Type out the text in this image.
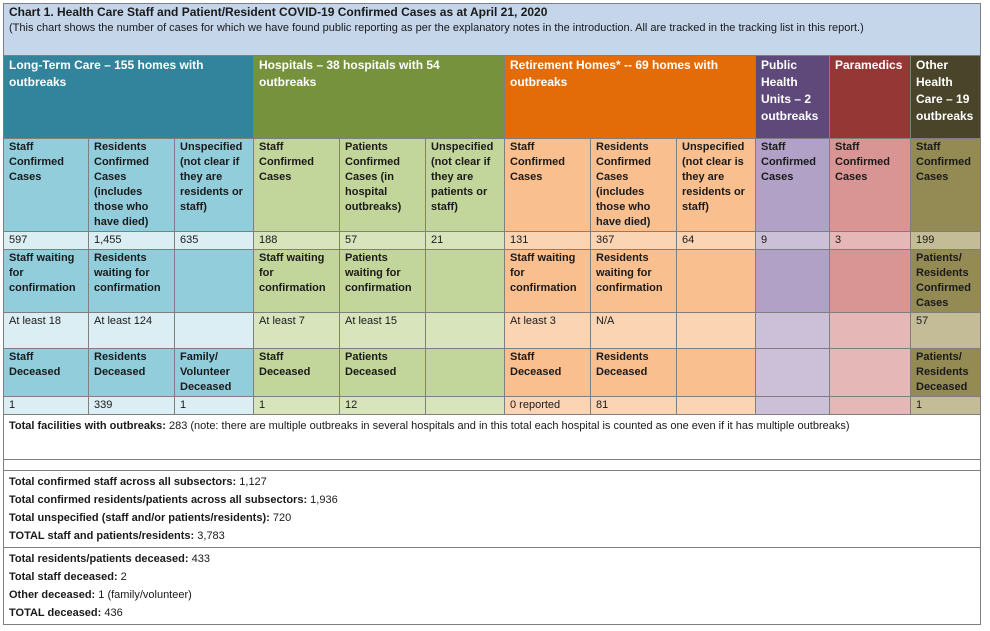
Chart 1. Health Care Staff and Patient/Resident COVID-19 Confirmed Cases as at April 21, 2020
(This chart shows the number of cases for which we have found public reporting as per the explanatory notes in the introduction. All are tracked in the tracking list in this report.)											
Long-Term Care – 155 homes with outbreaks			Hospitals – 38 hospitals with 54 outbreaks			Retirement Homes* -- 69 homes with outbreaks			Public Health Units – 2 outbreaks	Paramedics	Other Health Care – 19 outbreaks
Staff Confirmed Cases	Residents Confirmed Cases (includes those who have died)	Unspecified (not clear if they are residents or staff)	Staff Confirmed Cases	Patients Confirmed Cases (in hospital outbreaks)	Unspecified (not clear if they are patients or staff)	Staff Confirmed Cases	Residents Confirmed Cases (includes those who have died)	Unspecified (not clear is they are residents or staff)	Staff Confirmed Cases	Staff Confirmed Cases	Staff Confirmed Cases
597	1,455	635	188	57	21	131	367	64	9	3	199
Staff waiting for confirmation	Residents waiting for confirmation		Staff waiting for confirmation	Patients waiting for confirmation		Staff waiting for confirmation	Residents waiting for confirmation				Patients/ Residents Confirmed Cases
At least 18	At least 124		At least 7	At least 15		At least 3	N/A				57
Staff Deceased	Residents Deceased	Family/ Volunteer Deceased	Staff Deceased	Patients Deceased		Staff Deceased	Residents Deceased				Patients/ Residents Deceased
1	339	1	1	12		0 reported	81				1
Total facilities with outbreaks: 283 (note: there are multiple outbreaks in several hospitals and in this total each hospital is counted as one even if it has multiple outbreaks)											

Total confirmed staff across all subsectors: 1,127
Total confirmed residents/patients across all subsectors: 1,936
Total unspecified (staff and/or patients/residents): 720
TOTAL staff and patients/residents: 3,783											

Total residents/patients deceased: 433
Total staff deceased: 2
Other deceased: 1 (family/volunteer)
TOTAL deceased: 436											
